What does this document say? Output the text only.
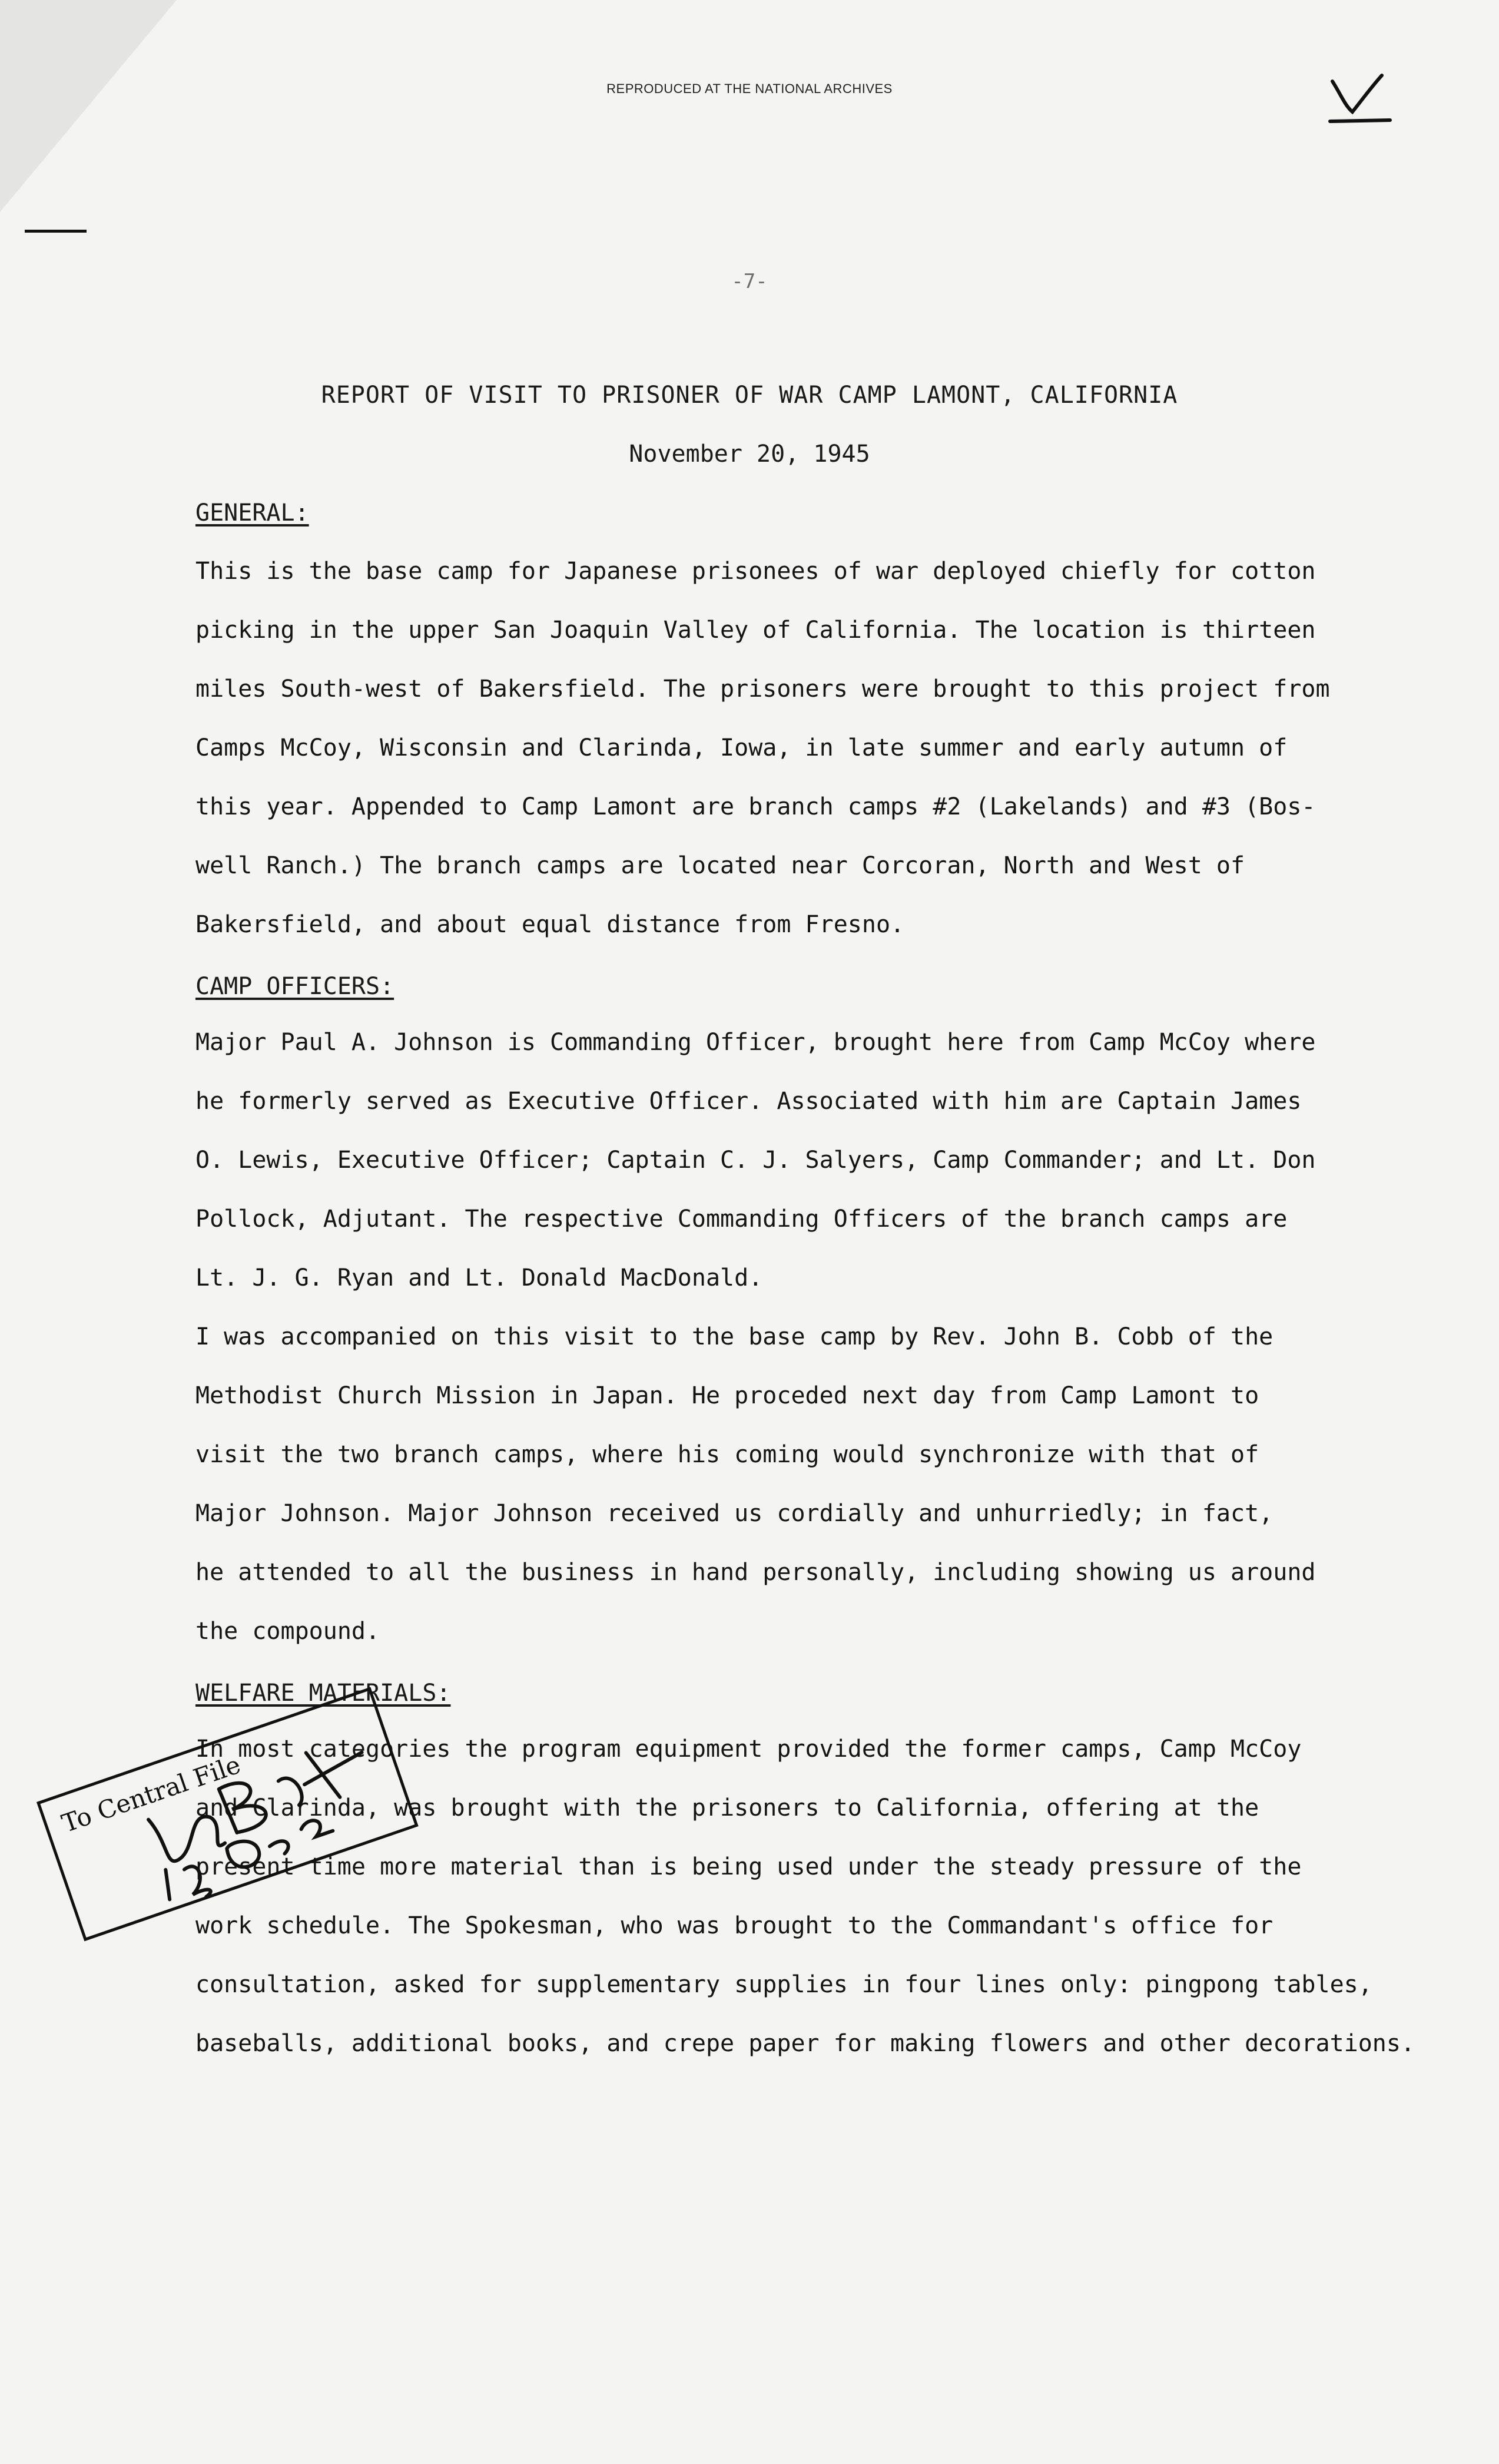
REPRODUCED AT THE NATIONAL ARCHIVES
-7-
REPORT OF VISIT TO PRISONER OF WAR CAMP LAMONT, CALIFORNIA
November 20, 1945
GENERAL:
This is the base camp for Japanese prisonees of war deployed chiefly for cotton
picking in the upper San Joaquin Valley of California. The location is thirteen
miles South-west of Bakersfield. The prisoners were brought to this project from
Camps McCoy, Wisconsin and Clarinda, Iowa, in late summer and early autumn of
this year. Appended to Camp Lamont are branch camps #2 (Lakelands) and #3 (Bos-
well Ranch.) The branch camps are located near Corcoran, North and West of
Bakersfield, and about equal distance from Fresno.
CAMP OFFICERS:
Major Paul A. Johnson is Commanding Officer, brought here from Camp McCoy where
he formerly served as Executive Officer. Associated with him are Captain James
O. Lewis, Executive Officer; Captain C. J. Salyers, Camp Commander; and Lt. Don
Pollock, Adjutant. The respective Commanding Officers of the branch camps are
Lt. J. G. Ryan and Lt. Donald MacDonald.
I was accompanied on this visit to the base camp by Rev. John B. Cobb of the
Methodist Church Mission in Japan. He proceded next day from Camp Lamont to
visit the two branch camps, where his coming would synchronize with that of
Major Johnson. Major Johnson received us cordially and unhurriedly; in fact,
he attended to all the business in hand personally, including showing us around
the compound.
WELFARE MATERIALS:
In most categories the program equipment provided the former camps, Camp McCoy
and Clarinda, was brought with the prisoners to California, offering at the
present time more material than is being used under the steady pressure of the
work schedule. The Spokesman, who was brought to the Commandant's office for
consultation, asked for supplementary supplies in four lines only: pingpong tables,
baseballs, additional books, and crepe paper for making flowers and other decorations.
To Central File
